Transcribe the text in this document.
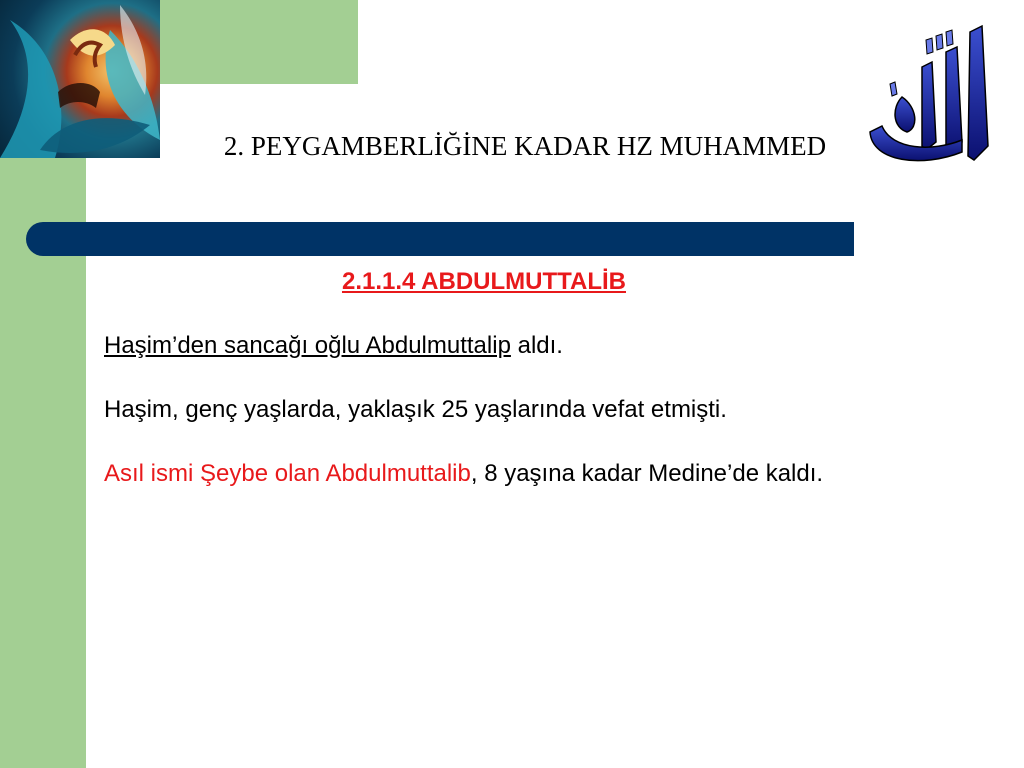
2. PEYGAMBERLİĞİNE KADAR HZ MUHAMMED

2.1.1.4 ABDULMUTTALİB

Haşim’den sancağı oğlu Abdulmuttalip aldı.

Haşim, genç yaşlarda, yaklaşık 25 yaşlarında vefat etmişti.

Asıl ismi Şeybe olan Abdulmuttalib, 8 yaşına kadar Medine’de kaldı.
